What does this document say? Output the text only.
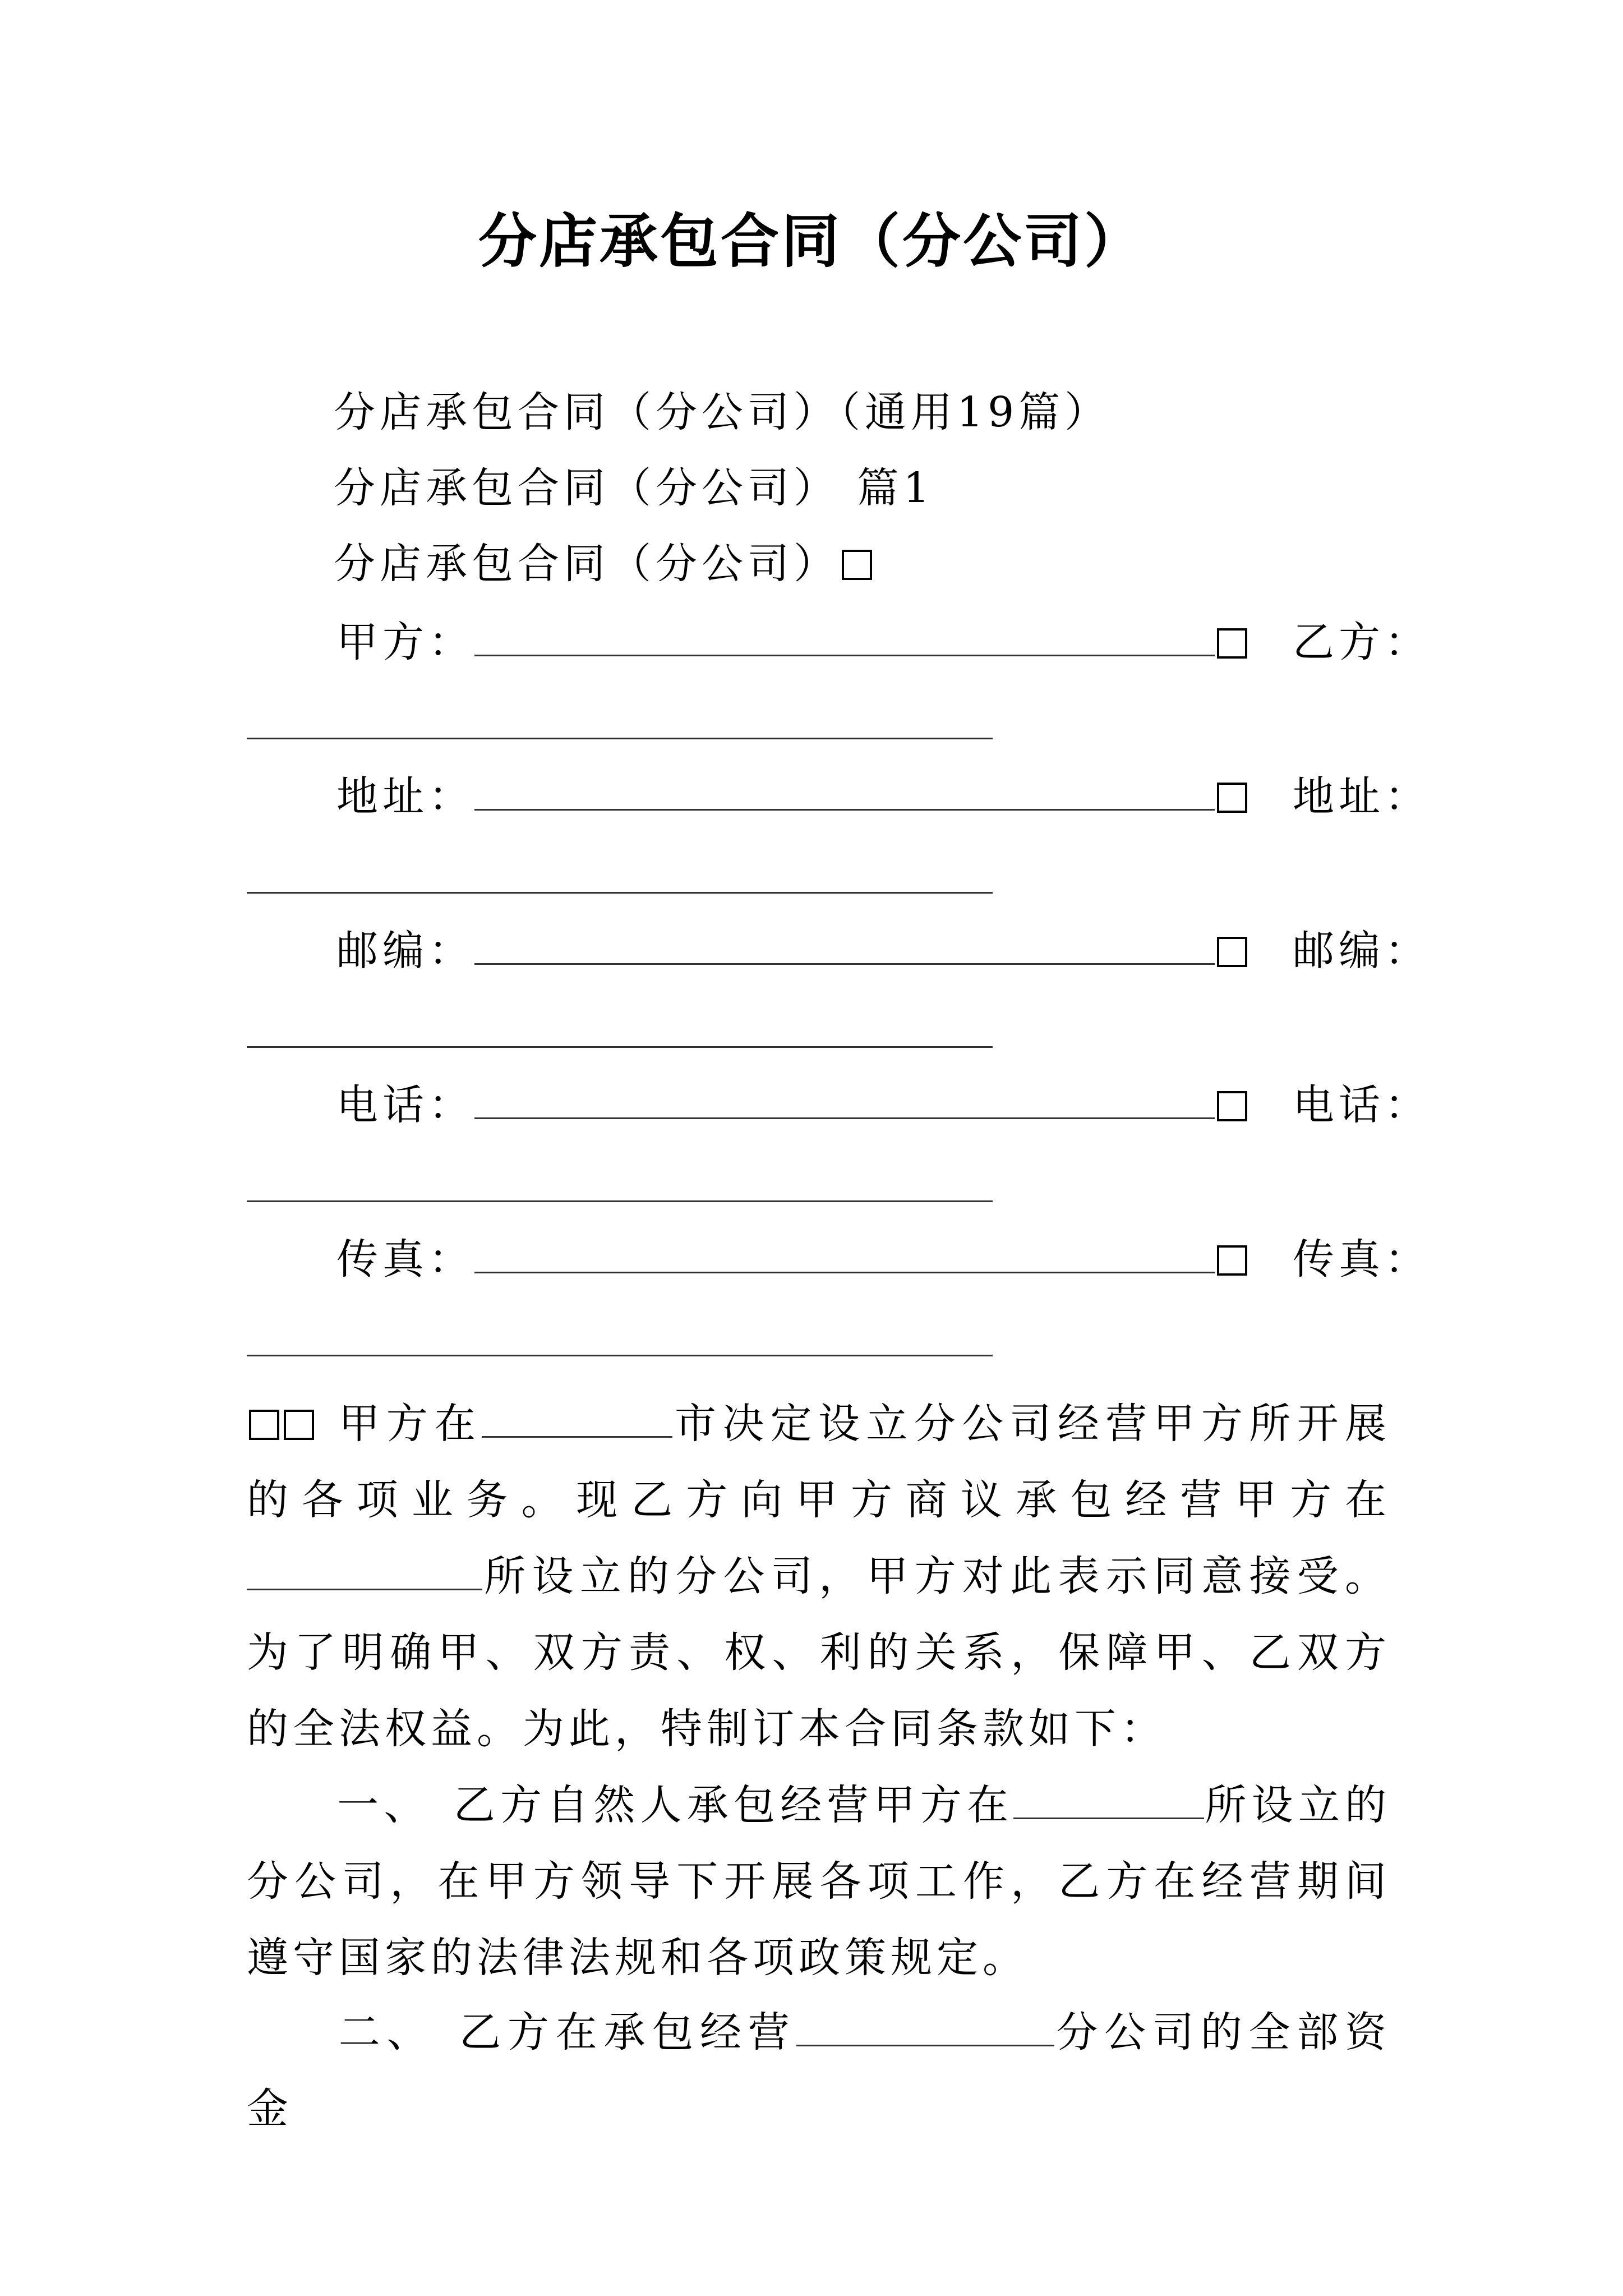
分店承包合同（分公司）
分店承包合同（分公司）（通用19篇）
分店承包合同（分公司） 篇1
分店承包合同（分公司）
甲方：	乙方：
地址：	地址：
邮编：	邮编：
电话：	电话：
传真：	传真：
甲方在	市决定设立分公司经营甲方所开展的各项业务。现乙方向甲方商议承包经营甲方在所设立的分公司，甲方对此表示同意接受。为了明确甲、双方责、权、利的关系，保障甲、乙双方的全法权益。为此，特制订本合同条款如下：
一、 乙方自然人承包经营甲方在	所设立的分公司，在甲方领导下开展各项工作，乙方在经营期间遵守国家的法律法规和各项政策规定。
二、 乙方在承包经营	分公司的全部资金
